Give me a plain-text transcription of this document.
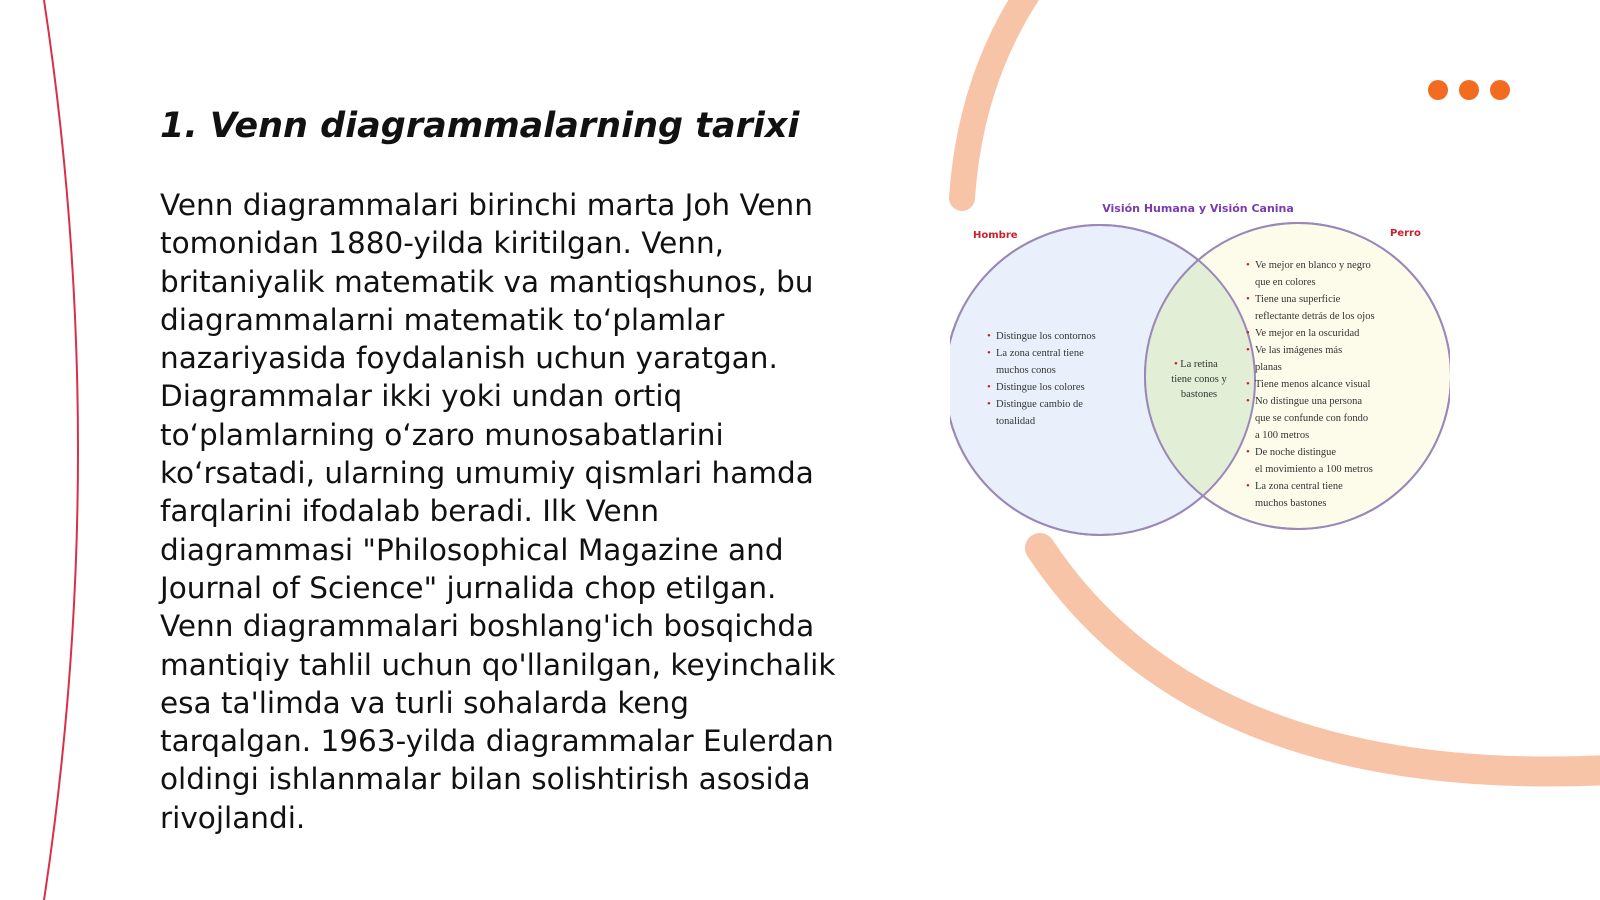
1. Venn diagrammalarning tarixi

Venn diagrammalari birinchi marta Joh Venn tomonidan 1880-yilda kiritilgan. Venn, britaniyalik matematik va mantiqshunos, bu diagrammalarni matematik to‘plamlar nazariyasida foydalanish uchun yaratgan. Diagrammalar ikki yoki undan ortiq to‘plamlarning o‘zaro munosabatlarini ko‘rsatadi, ularning umumiy qismlari hamda farqlarini ifodalab beradi. Ilk Venn diagrammasi "Philosophical Magazine and Journal of Science" jurnalida chop etilgan. Venn diagrammalari boshlang'ich bosqichda mantiqiy tahlil uchun qo'llanilgan, keyinchalik esa ta'limda va turli sohalarda keng tarqalgan. 1963-yilda diagrammalar Eulerdan oldingi ishlanmalar bilan solishtirish asosida rivojlandi.

Visión Humana y Visión Canina
Hombre	Perro
• Distingue los contornos
• La zona central tiene
muchos conos
• Distingue los colores
• Distingue cambio de
tonalidad
• Ve mejor en blanco y negro
que en colores
• Tiene una superficie
reflectante detrás de los ojos
• Ve mejor en la oscuridad
• Ve las imágenes más
planas
• Tiene menos alcance visual
• No distingue una persona
que se confunde con fondo
a 100 metros
• De noche distingue
el movimiento a 100 metros
• La zona central tiene
muchos bastones
• La retina
tiene conos y
bastones
